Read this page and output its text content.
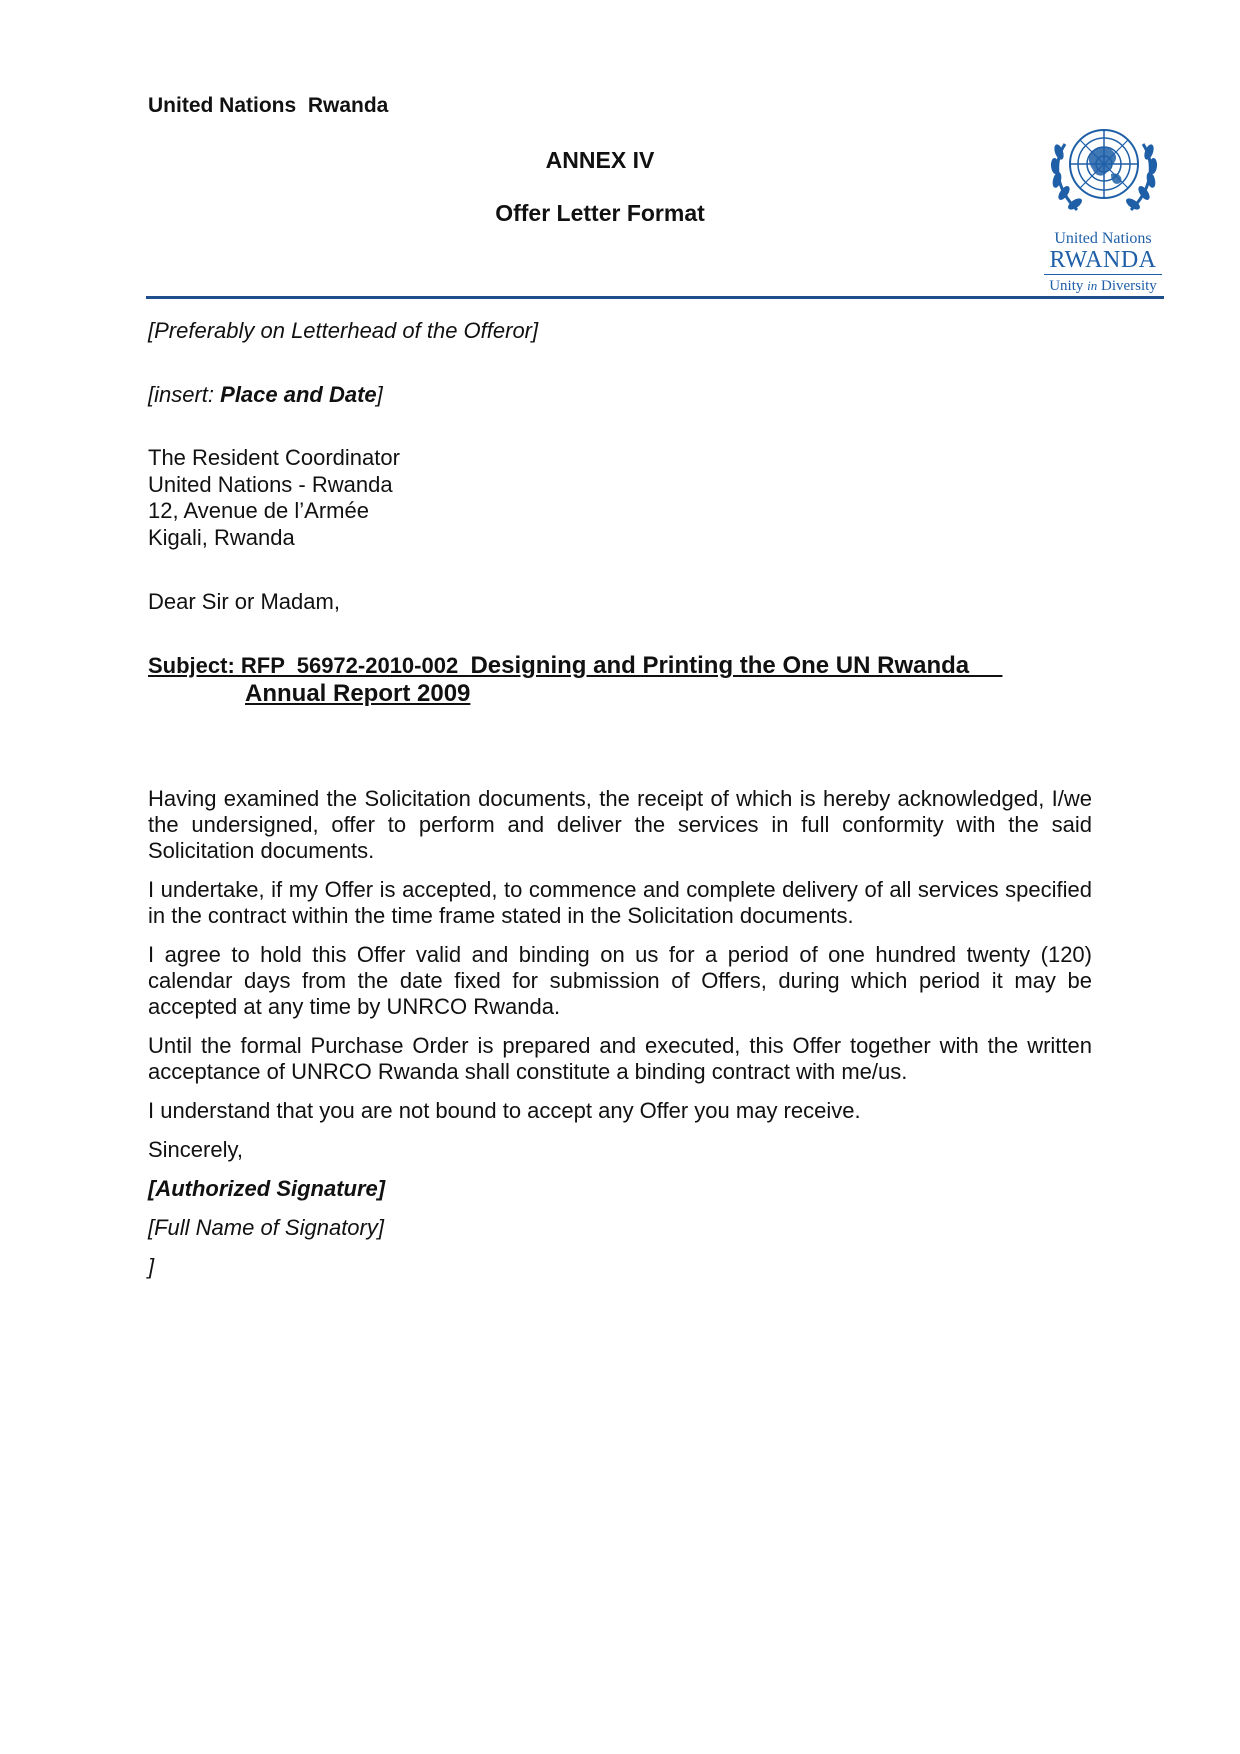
United Nations  Rwanda
ANNEX IV
Offer Letter Format
United Nations
RWANDA
Unity in Diversity
[Preferably on Letterhead of the Offeror]
[insert: Place and Date]
The Resident Coordinator
United Nations - Rwanda
12, Avenue de l’Armée
Kigali, Rwanda
Dear Sir or Madam,
Subject: RFP  56972-2010-002  Designing and Printing the One UN Rwanda
Annual Report 2009
Having examined the Solicitation documents, the receipt of which is hereby acknowledged, I/we the undersigned, offer to perform and deliver the services in full conformity with the said Solicitation documents.
I undertake, if my Offer is accepted, to commence and complete delivery of all services specified in the contract within the time frame stated in the Solicitation documents.
I agree to hold this Offer valid and binding on us for a period of one hundred twenty (120) calendar days from the date fixed for submission of Offers, during which period it may be accepted at any time by UNRCO Rwanda.
Until the formal Purchase Order is prepared and executed, this Offer together with the written acceptance of UNRCO Rwanda shall constitute a binding contract with me/us.
I understand that you are not bound to accept any Offer you may receive.
Sincerely,
[Authorized Signature]
[Full Name of Signatory]
]
